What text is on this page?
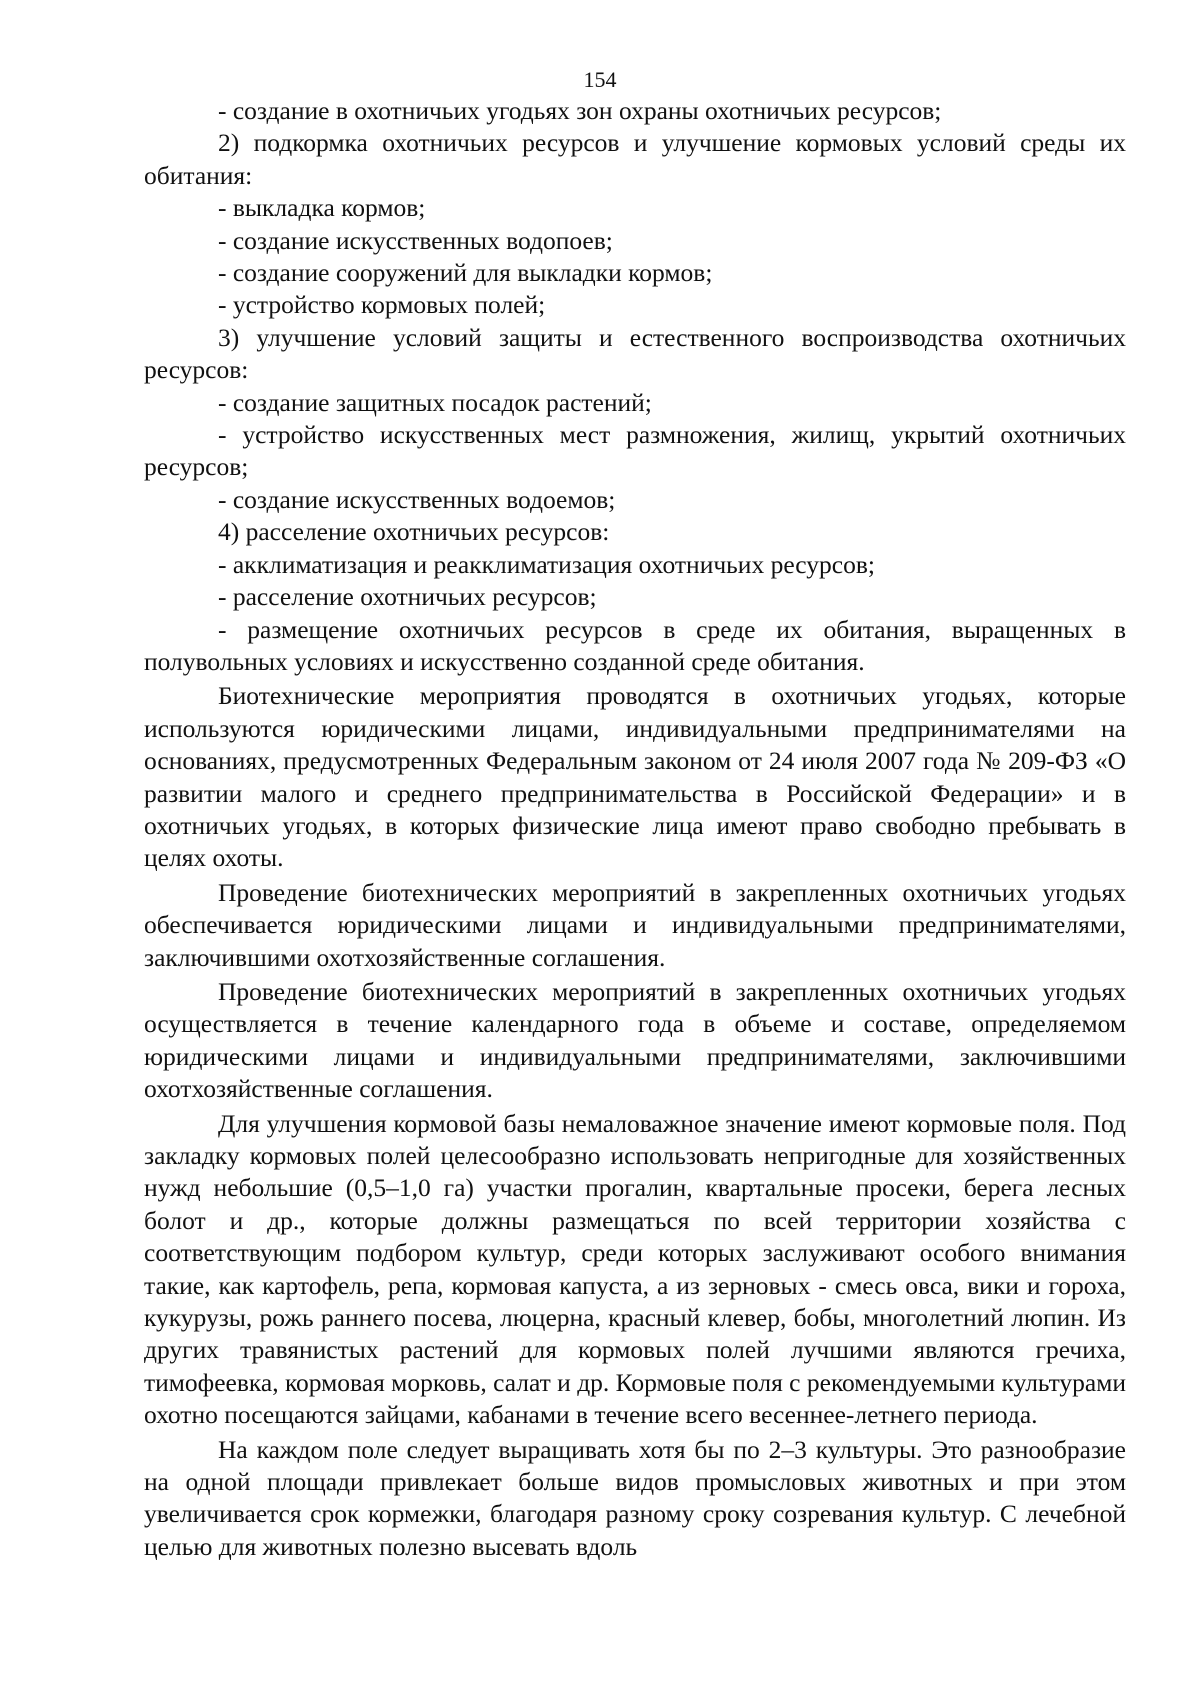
154

- создание в охотничьих угодьях зон охраны охотничьих ресурсов;

2) подкормка охотничьих ресурсов и улучшение кормовых условий среды их обитания:

- выкладка кормов;

- создание искусственных водопоев;

- создание сооружений для выкладки кормов;

- устройство кормовых полей;

3) улучшение условий защиты и естественного воспроизводства охотничьих ресурсов:

- создание защитных посадок растений;

- устройство искусственных мест размножения, жилищ, укрытий охотничьих ресурсов;

- создание искусственных водоемов;

4) расселение охотничьих ресурсов:

- акклиматизация и реакклиматизация охотничьих ресурсов;

- расселение охотничьих ресурсов;

- размещение охотничьих ресурсов в среде их обитания, выращенных в полувольных условиях и искусственно созданной среде обитания.

Биотехнические мероприятия проводятся в охотничьих угодьях, которые используются юридическими лицами, индивидуальными предпринимателями на основаниях, предусмотренных Федеральным законом от 24 июля 2007 года № 209-ФЗ «О развитии малого и среднего предпринимательства в Российской Федерации» и в охотничьих угодьях, в которых физические лица имеют право свободно пребывать в целях охоты.

Проведение биотехнических мероприятий в закрепленных охотничьих угодьях обеспечивается юридическими лицами и индивидуальными предпринимателями, заключившими охотхозяйственные соглашения.

Проведение биотехнических мероприятий в закрепленных охотничьих угодьях осуществляется в течение календарного года в объеме и составе, определяемом юридическими лицами и индивидуальными предпринимателями, заключившими охотхозяйственные соглашения.

Для улучшения кормовой базы немаловажное значение имеют кормовые поля. Под закладку кормовых полей целесообразно использовать непригодные для хозяйственных нужд небольшие (0,5–1,0 га) участки прогалин, квартальные просеки, берега лесных болот и др., которые должны размещаться по всей территории хозяйства с соответствующим подбором культур, среди которых заслуживают особого внимания такие, как картофель, репа, кормовая капуста, а из зерновых - смесь овса, вики и гороха, кукурузы, рожь раннего посева, люцерна, красный клевер, бобы, многолетний люпин. Из других травянистых растений для кормовых полей лучшими являются гречиха, тимофеевка, кормовая морковь, салат и др. Кормовые поля с рекомендуемыми культурами охотно посещаются зайцами, кабанами в течение всего весеннее-летнего периода.

На каждом поле следует выращивать хотя бы по 2–3 культуры. Это разнообразие на одной площади привлекает больше видов промысловых животных и при этом увеличивается срок кормежки, благодаря разному сроку созревания культур. С лечебной целью для животных полезно высевать вдоль
